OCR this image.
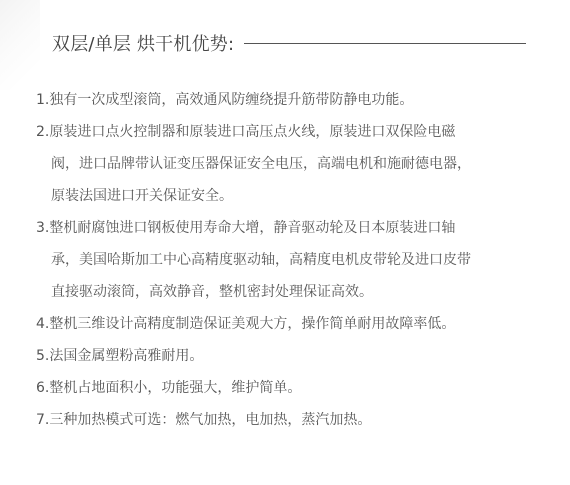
双层/单层 烘干机优势:
1.独有一次成型滚筒，高效通风防缠绕提升筋带防静电功能。
2.原装进口点火控制器和原装进口高压点火线，原装进口双保险电磁
阀，进口品牌带认证变压器保证安全电压，高端电机和施耐德电器，
原装法国进口开关保证安全。
3.整机耐腐蚀进口钢板使用寿命大增，静音驱动轮及日本原装进口轴
承，美国哈斯加工中心高精度驱动轴，高精度电机皮带轮及进口皮带
直接驱动滚筒，高效静音，整机密封处理保证高效。
4.整机三维设计高精度制造保证美观大方，操作简单耐用故障率低。
5.法国金属塑粉高雅耐用。
6.整机占地面积小，功能强大，维护简单。
7.三种加热模式可选：燃气加热，电加热，蒸汽加热。
